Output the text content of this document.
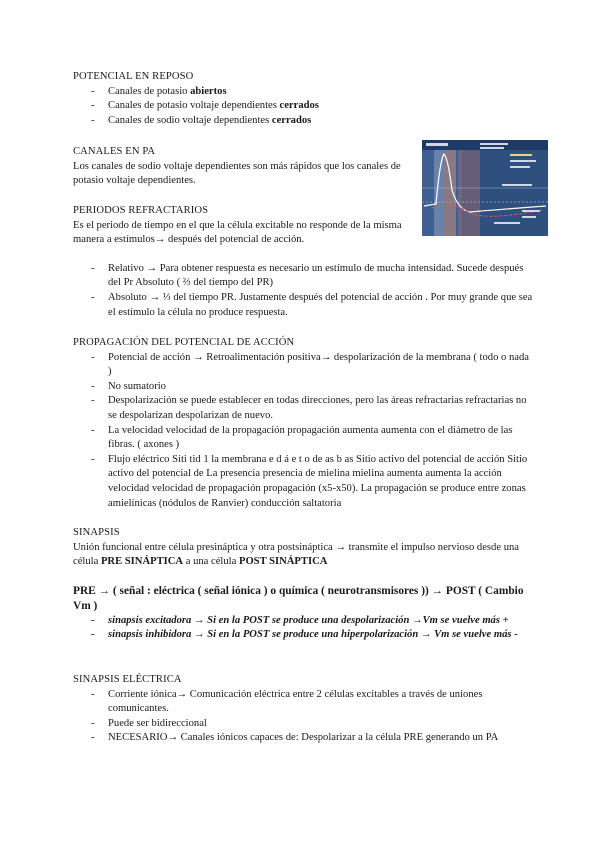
POTENCIAL EN REPOSO
- Canales de potasio abiertos
- Canales de potasio voltaje dependientes cerrados
- Canales de sodio voltaje dependientes cerrados
CANALES EN PA
Los canales de sodio voltaje dependientes son más rápidos que los canales de potasio voltaje dependientes.
PERIODOS REFRACTARIOS
Es el periodo de tiempo en el que la célula excitable no responde de la misma manera a estímulos→ después del potencial de acción.
- Relativo → Para obtener respuesta es necesario un estímulo de mucha intensidad. Sucede después del Pr Absoluto ( ⅔ del tiempo del PR)
- Absoluto → ⅓ del tiempo PR. Justamente después del potencial de acción . Por muy grande que sea el estímulo la célula no produce respuesta.
PROPAGACIÓN DEL POTENCIAL DE ACCIÓN
- Potencial de acción → Retroalimentación positiva→ despolarización de la membrana ( todo o nada )
- No sumatorio
- Despolarización se puede establecer en todas direcciones, pero las áreas refractarias refractarias no se despolarizan despolarizan de nuevo.
- La velocidad velocidad de la propagación propagación aumenta aumenta con el diámetro de las fibras. ( axones )
- Flujo eléctrico Siti tid 1 la membrana e d á e t o de as b as Sitio activo del potencial de acción Sitio activo del potencial de La presencia presencia de mielina mielina aumenta aumenta la acción velocidad velocidad de propagación propagación (x5-x50). La propagación se produce entre zonas amielínicas (nódulos de Ranvier) conducción saltatoria
SINAPSIS
Unión funcional entre célula presináptica y otra postsináptica → transmite el impulso nervioso desde una célula PRE SINÁPTICA a una célula POST SINÁPTICA
PRE → ( señal : eléctrica ( señal iónica ) o química ( neurotransmisores )) → POST ( Cambio Vm )
- sinapsis excitadora → Si en la POST se produce una despolarización →Vm se vuelve más +
- sinapsis inhibidora → Si en la POST se produce una hiperpolarización → Vm se vuelve más -
SINAPSIS ELÉCTRICA
- Corriente iónica→ Comunicación eléctrica entre 2 células excitables a través de uniones comunicantes.
- Puede ser bidireccional
- NECESARIO→ Canales iónicos capaces de: Despolarizar a la célula PRE generando un PA
